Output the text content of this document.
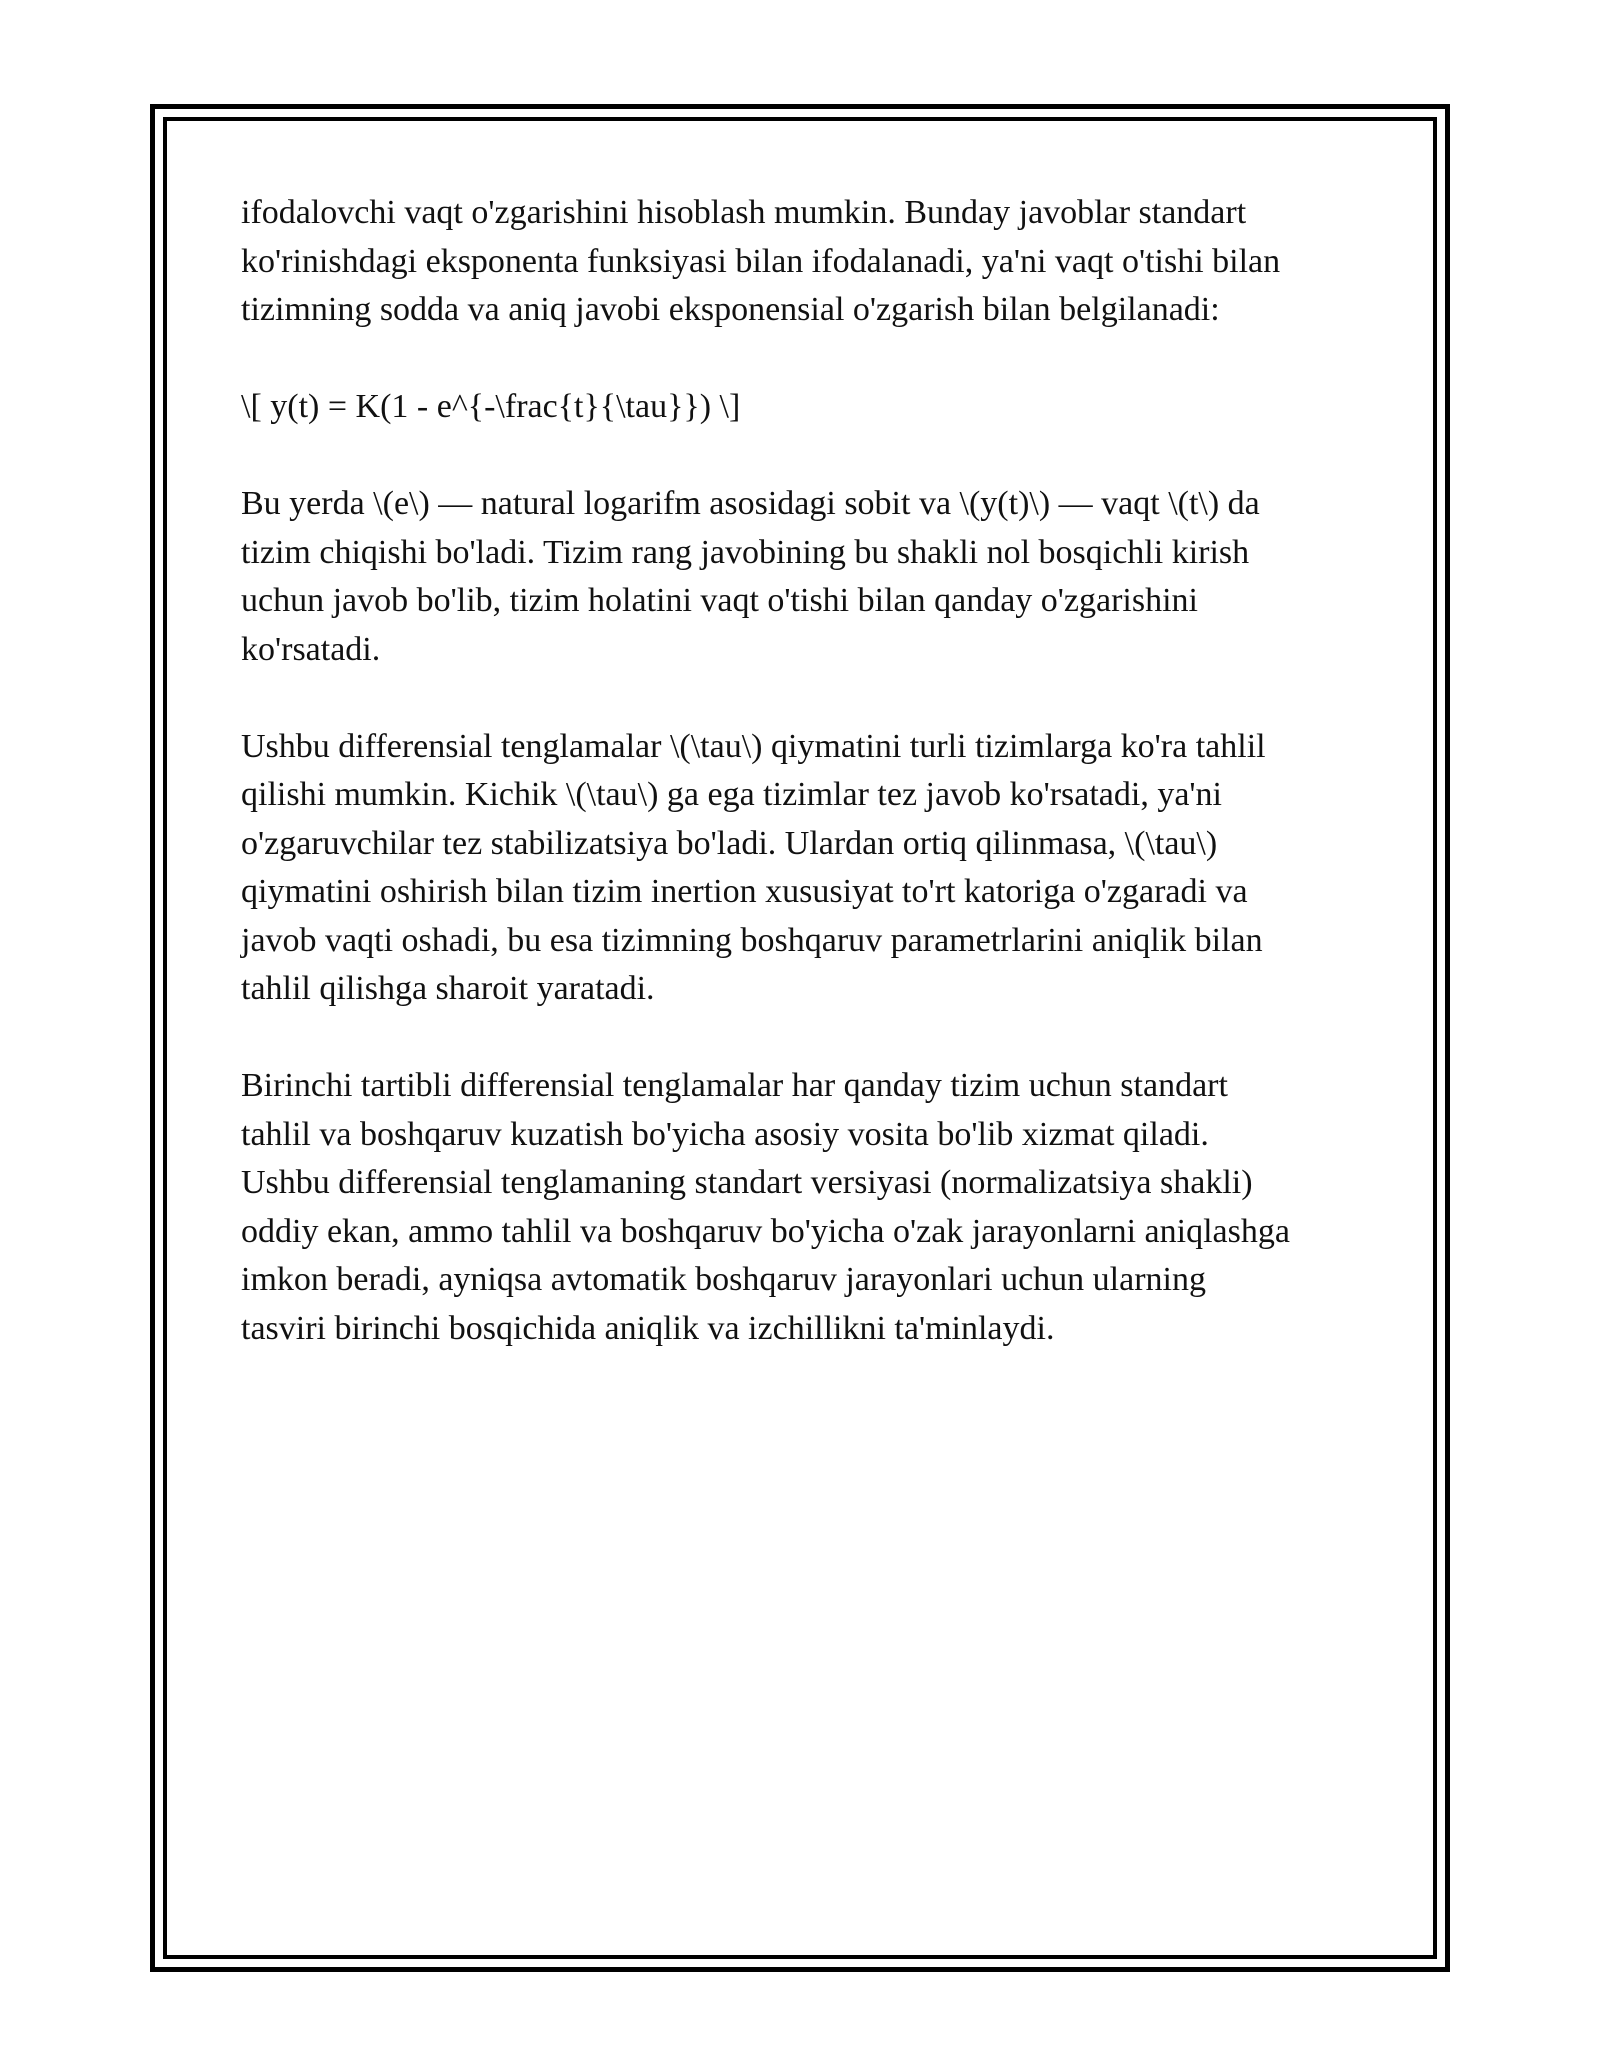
ifodalovchi vaqt o'zgarishini hisoblash mumkin. Bunday javoblar standart
ko'rinishdagi eksponenta funksiyasi bilan ifodalanadi, ya'ni vaqt o'tishi bilan
tizimning sodda va aniq javobi eksponensial o'zgarish bilan belgilanadi:

\[ y(t) = K(1 - e^{-\frac{t}{\tau}}) \]

Bu yerda \(e\) — natural logarifm asosidagi sobit va \(y(t)\) — vaqt \(t\) da
tizim chiqishi bo'ladi. Tizim rang javobining bu shakli nol bosqichli kirish
uchun javob bo'lib, tizim holatini vaqt o'tishi bilan qanday o'zgarishini
ko'rsatadi.

Ushbu differensial tenglamalar \(\tau\) qiymatini turli tizimlarga ko'ra tahlil
qilishi mumkin. Kichik \(\tau\) ga ega tizimlar tez javob ko'rsatadi, ya'ni
o'zgaruvchilar tez stabilizatsiya bo'ladi. Ulardan ortiq qilinmasa, \(\tau\)
qiymatini oshirish bilan tizim inertion xususiyat to'rt katoriga o'zgaradi va
javob vaqti oshadi, bu esa tizimning boshqaruv parametrlarini aniqlik bilan
tahlil qilishga sharoit yaratadi.

Birinchi tartibli differensial tenglamalar har qanday tizim uchun standart
tahlil va boshqaruv kuzatish bo'yicha asosiy vosita bo'lib xizmat qiladi.
Ushbu differensial tenglamaning standart versiyasi (normalizatsiya shakli)
oddiy ekan, ammo tahlil va boshqaruv bo'yicha o'zak jarayonlarni aniqlashga
imkon beradi, ayniqsa avtomatik boshqaruv jarayonlari uchun ularning
tasviri birinchi bosqichida aniqlik va izchillikni ta'minlaydi.
